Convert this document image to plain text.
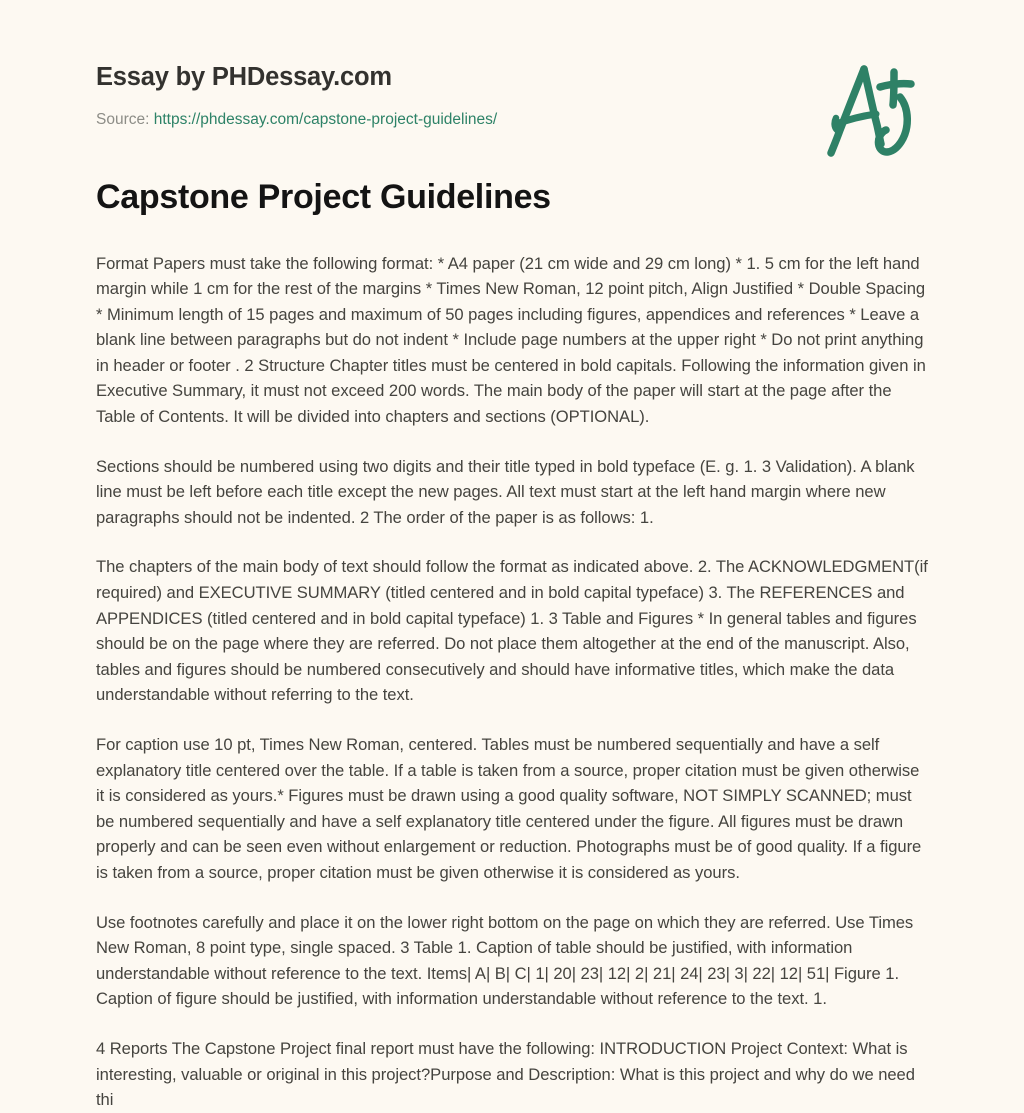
Essay by PHDessay.com
Source: https://phdessay.com/capstone-project-guidelines/
Capstone Project Guidelines

Format Papers must take the following format: * A4 paper (21 cm wide and 29 cm long) * 1. 5 cm for the left hand margin while 1 cm for the rest of the margins * Times New Roman, 12 point pitch, Align Justified * Double Spacing * Minimum length of 15 pages and maximum of 50 pages including figures, appendices and references * Leave a blank line between paragraphs but do not indent * Include page numbers at the upper right * Do not print anything in header or footer . 2 Structure Chapter titles must be centered in bold capitals. Following the information given in Executive Summary, it must not exceed 200 words. The main body of the paper will start at the page after the Table of Contents. It will be divided into chapters and sections (OPTIONAL).

Sections should be numbered using two digits and their title typed in bold typeface (E. g. 1. 3 Validation). A blank line must be left before each title except the new pages. All text must start at the left hand margin where new paragraphs should not be indented. 2 The order of the paper is as follows: 1.

The chapters of the main body of text should follow the format as indicated above. 2. The ACKNOWLEDGMENT(if required) and EXECUTIVE SUMMARY (titled centered and in bold capital typeface) 3. The REFERENCES and APPENDICES (titled centered and in bold capital typeface) 1. 3 Table and Figures * In general tables and figures should be on the page where they are referred. Do not place them altogether at the end of the manuscript. Also, tables and figures should be numbered consecutively and should have informative titles, which make the data understandable without referring to the text.

For caption use 10 pt, Times New Roman, centered. Tables must be numbered sequentially and have a self explanatory title centered over the table. If a table is taken from a source, proper citation must be given otherwise it is considered as yours.* Figures must be drawn using a good quality software, NOT SIMPLY SCANNED; must be numbered sequentially and have a self explanatory title centered under the figure. All figures must be drawn properly and can be seen even without enlargement or reduction. Photographs must be of good quality. If a figure is taken from a source, proper citation must be given otherwise it is considered as yours.

Use footnotes carefully and place it on the lower right bottom on the page on which they are referred. Use Times New Roman, 8 point type, single spaced. 3 Table 1. Caption of table should be justified, with information understandable without reference to the text. Items| A| B| C| 1| 20| 23| 12| 2| 21| 24| 23| 3| 22| 12| 51| Figure 1. Caption of figure should be justified, with information understandable without reference to the text. 1.

4 Reports The Capstone Project final report must have the following: INTRODUCTION Project Context: What is interesting, valuable or original in this project?Purpose and Description: What is this project and why do we need thi
